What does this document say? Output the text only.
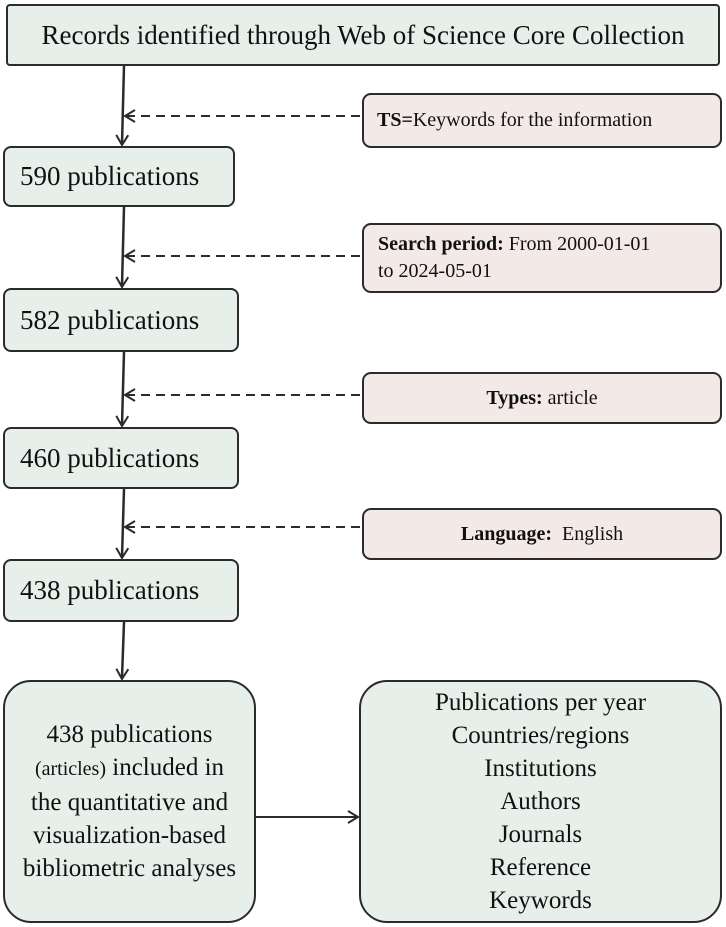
Records identified through Web of Science Core Collection
590 publications
582 publications
460 publications
438 publications
TS=Keywords for the information
Search period: From 2000-01-01
to 2024-05-01
Types: article
Language:  English
438 publications
(articles) included in
the quantitative and
visualization-based
bibliometric analyses
Publications per year
Countries/regions
Institutions
Authors
Journals
Reference
Keywords
